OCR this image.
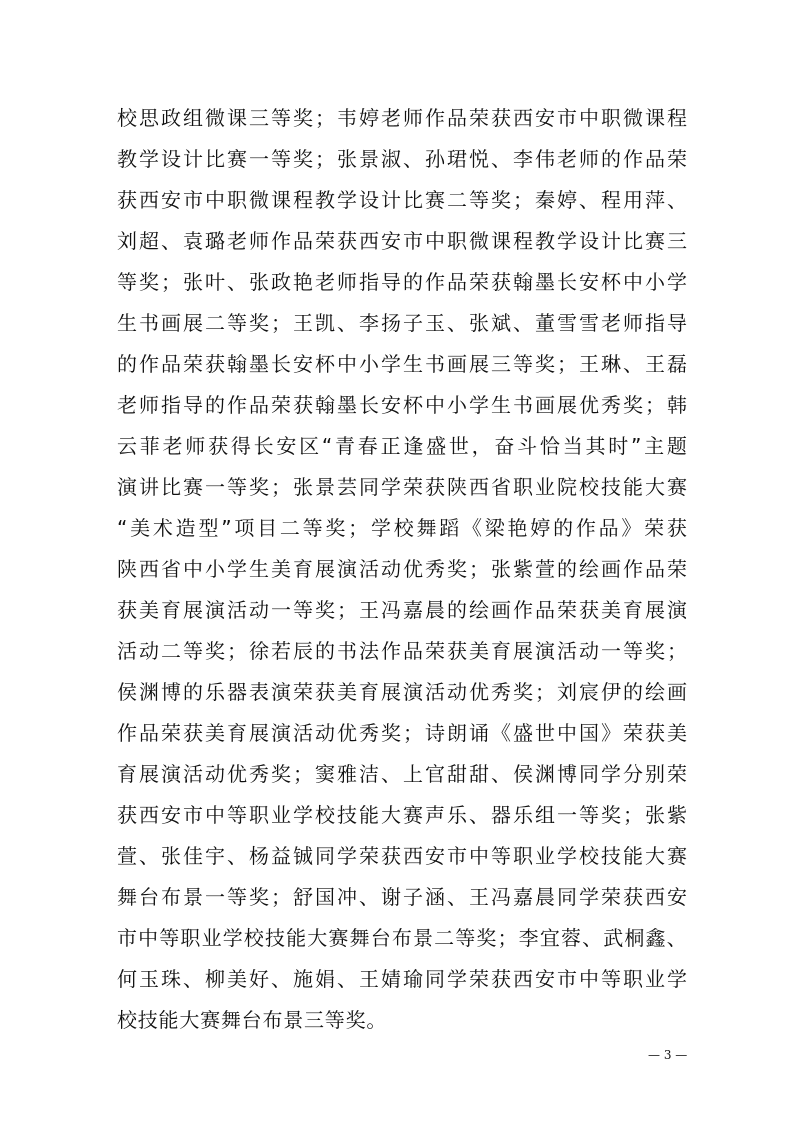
校 思 政 组 微 课 三 等 奖 ； 韦 婷 老 师 作 品 荣 获 西 安 市 中 职 微 课 程
教 学 设 计 比 赛 一 等 奖 ； 张 景 淑 、 孙 珺 悦 、 李 伟 老 师 的 作 品 荣
获 西 安 市 中 职 微 课 程 教 学 设 计 比 赛 二 等 奖 ； 秦 婷 、 程 用 萍 、
刘 超 、 袁 璐 老 师 作 品 荣 获 西 安 市 中 职 微 课 程 教 学 设 计 比 赛 三
等 奖 ； 张 叶 、 张 政 艳 老 师 指 导 的 作 品 荣 获 翰 墨 长 安 杯 中 小 学
生 书 画 展 二 等 奖 ； 王 凯 、 李 扬 子 玉 、 张 斌 、 董 雪 雪 老 师 指 导
的 作 品 荣 获 翰 墨 长 安 杯 中 小 学 生 书 画 展 三 等 奖 ； 王 琳 、 王 磊
老 师 指 导 的 作 品 荣 获 翰 墨 长 安 杯 中 小 学 生 书 画 展 优 秀 奖 ； 韩
云 菲 老 师 获 得 长 安 区 “ 青 春 正 逢 盛 世 ， 奋 斗 恰 当 其 时 ” 主 题
演 讲 比 赛 一 等 奖 ； 张 景 芸 同 学 荣 获 陕 西 省 职 业 院 校 技 能 大 赛
“ 美 术 造 型 ” 项 目 二 等 奖 ； 学 校 舞 蹈 《 梁 艳 婷 的 作 品 》 荣 获
陕 西 省 中 小 学 生 美 育 展 演 活 动 优 秀 奖 ； 张 紫 萱 的 绘 画 作 品 荣
获 美 育 展 演 活 动 一 等 奖 ； 王 冯 嘉 晨 的 绘 画 作 品 荣 获 美 育 展 演
活 动 二 等 奖 ； 徐 若 辰 的 书 法 作 品 荣 获 美 育 展 演 活 动 一 等 奖 ；
侯 渊 博 的 乐 器 表 演 荣 获 美 育 展 演 活 动 优 秀 奖 ； 刘 宸 伊 的 绘 画
作 品 荣 获 美 育 展 演 活 动 优 秀 奖 ； 诗 朗 诵 《 盛 世 中 国 》 荣 获 美
育 展 演 活 动 优 秀 奖 ； 窦 雅 洁 、 上 官 甜 甜 、 侯 渊 博 同 学 分 别 荣
获 西 安 市 中 等 职 业 学 校 技 能 大 赛 声 乐 、 器 乐 组 一 等 奖 ； 张 紫
萱 、 张 佳 宇 、 杨 益 铖 同 学 荣 获 西 安 市 中 等 职 业 学 校 技 能 大 赛
舞 台 布 景 一 等 奖 ； 舒 国 冲 、 谢 子 涵 、 王 冯 嘉 晨 同 学 荣 获 西 安
市 中 等 职 业 学 校 技 能 大 赛 舞 台 布 景 二 等 奖 ； 李 宜 蓉 、 武 桐 鑫 、
何 玉 珠 、 柳 美 好 、 施 娟 、 王 婧 瑜 同 学 荣 获 西 安 市 中 等 职 业 学
校技能大赛舞台布景三等奖。
— 3 —
